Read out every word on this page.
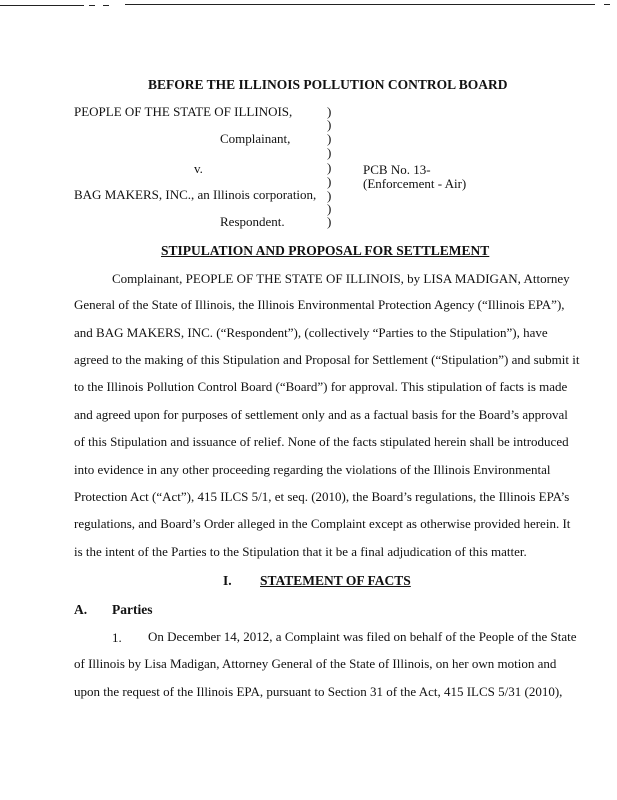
BEFORE THE ILLINOIS POLLUTION CONTROL BOARD
PEOPLE OF THE STATE OF ILLINOIS,
Complainant,
v.
BAG MAKERS, INC., an Illinois corporation,
Respondent.
PCB No. 13-
(Enforcement - Air)
)
)
)
)
)
)
)
)
)
STIPULATION AND PROPOSAL FOR SETTLEMENT
Complainant, PEOPLE OF THE STATE OF ILLINOIS, by LISA MADIGAN, Attorney
General of the State of Illinois, the Illinois Environmental Protection Agency (“Illinois EPA”),
and BAG MAKERS, INC. (“Respondent”), (collectively “Parties to the Stipulation”), have
agreed to the making of this Stipulation and Proposal for Settlement (“Stipulation”) and submit it
to the Illinois Pollution Control Board (“Board”) for approval. This stipulation of facts is made
and agreed upon for purposes of settlement only and as a factual basis for the Board’s approval
of this Stipulation and issuance of relief. None of the facts stipulated herein shall be introduced
into evidence in any other proceeding regarding the violations of the Illinois Environmental
Protection Act (“Act”), 415 ILCS 5/1, et seq. (2010), the Board’s regulations, the Illinois EPA’s
regulations, and Board’s Order alleged in the Complaint except as otherwise provided herein. It
is the intent of the Parties to the Stipulation that it be a final adjudication of this matter.
I. STATEMENT OF FACTS
A. Parties
1. On December 14, 2012, a Complaint was filed on behalf of the People of the State
of Illinois by Lisa Madigan, Attorney General of the State of Illinois, on her own motion and
upon the request of the Illinois EPA, pursuant to Section 31 of the Act, 415 ILCS 5/31 (2010),
